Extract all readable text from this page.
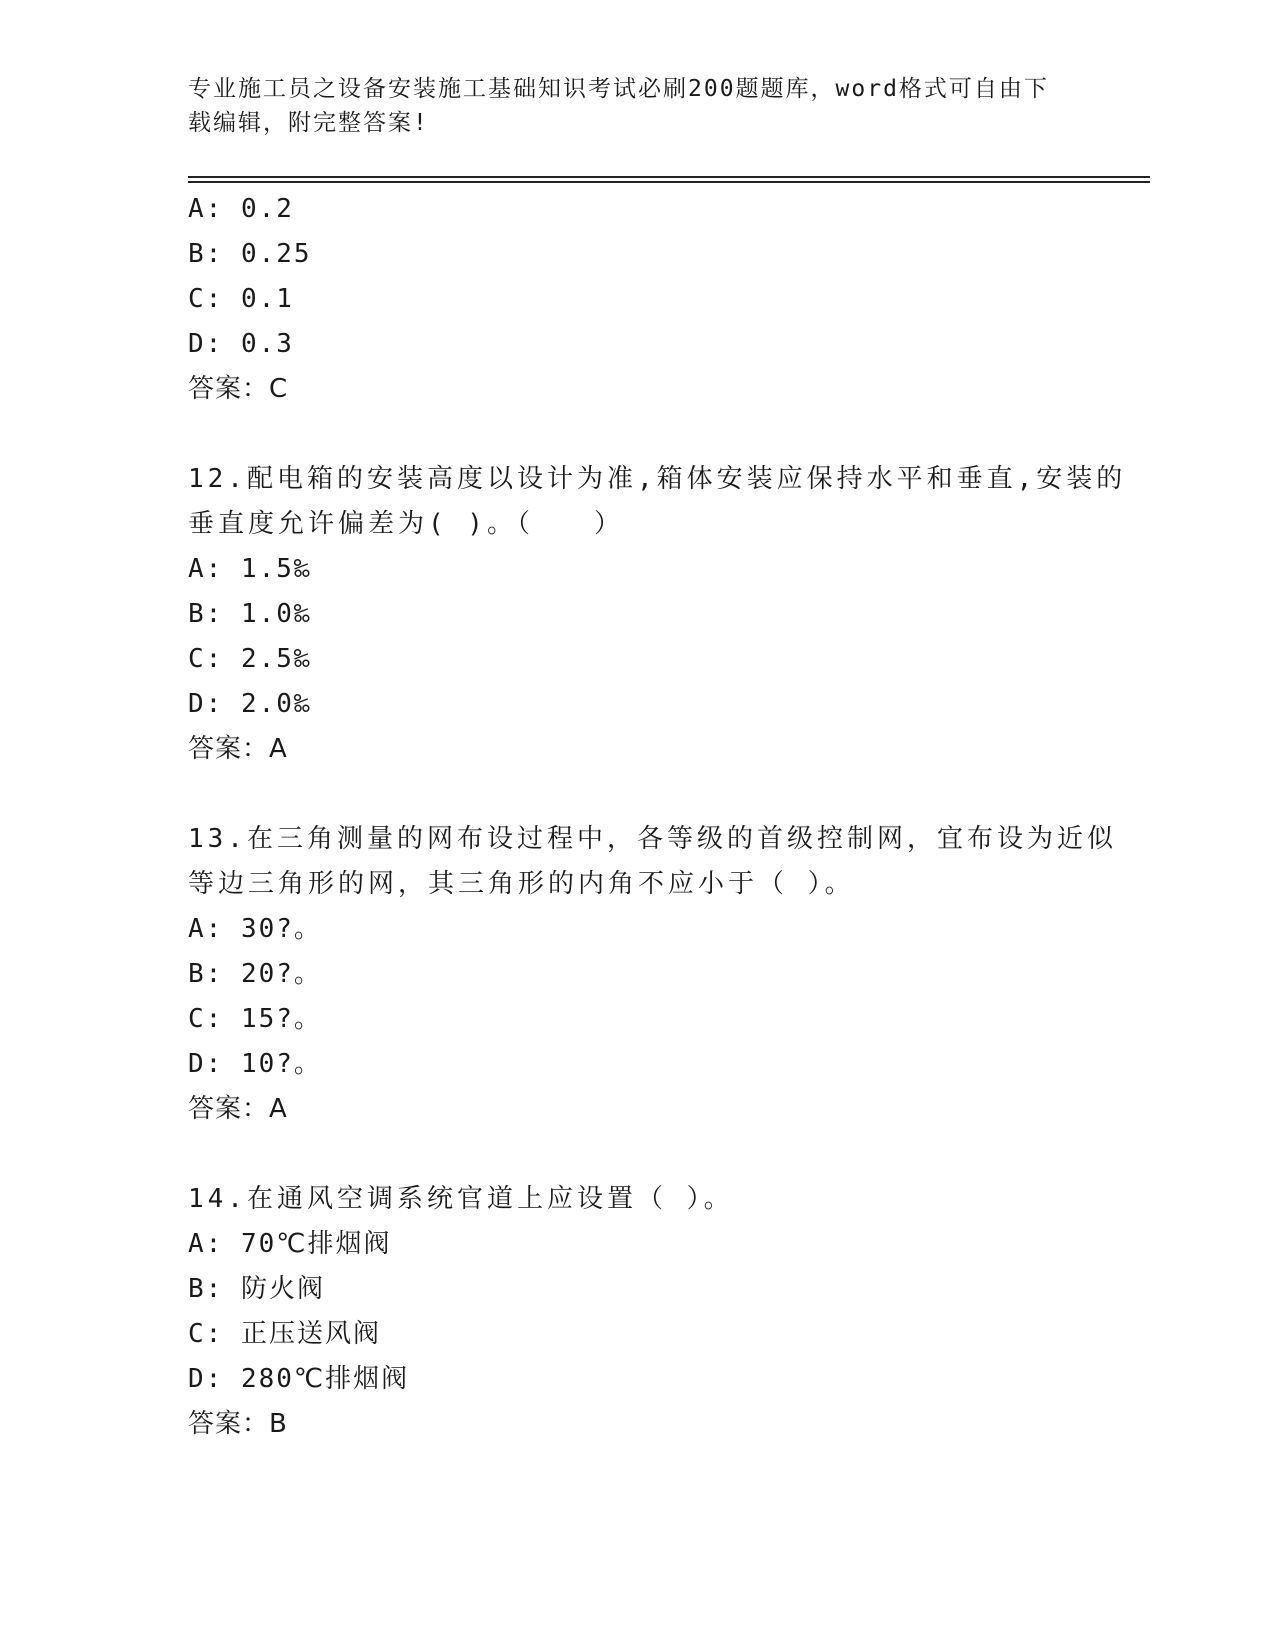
专业施工员之设备安装施工基础知识考试必刷200题题库，word格式可自由下载编辑，附完整答案!
A: 0.2
B: 0.25
C: 0.1
D: 0.3
答案：C
12.配电箱的安装高度以设计为准,箱体安装应保持水平和垂直,安装的
垂直度允许偏差为( )。（　　）
A: 1.5‰
B: 1.0‰
C: 2.5‰
D: 2.0‰
答案：A
13.在三角测量的网布设过程中，各等级的首级控制网，宜布设为近似
等边三角形的网，其三角形的内角不应小于（ ）。
A: 30?。
B: 20?。
C: 15?。
D: 10?。
答案：A
14.在通风空调系统官道上应设置（ ）。
A: 70℃排烟阀
B: 防火阀
C: 正压送风阀
D: 280℃排烟阀
答案：B
